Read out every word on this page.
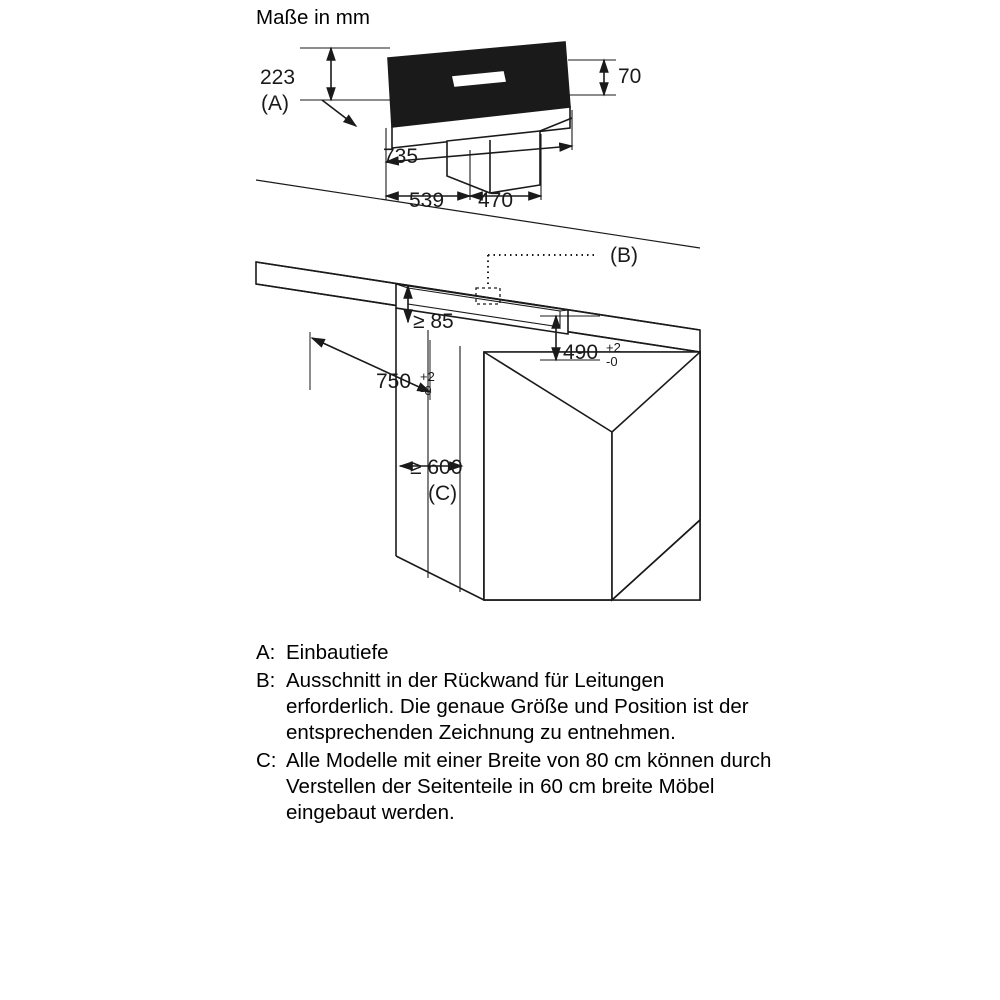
Maße in mm
223
(A)
70
735
539 470
(B)
≥ 85
490 +2
-0
750 +2
-0
≥ 600
(C)
A: Einbautiefe
B: Ausschnitt in der Rückwand für Leitungen erforderlich. Die genaue Größe und Position ist der entsprechenden Zeichnung zu entnehmen.
C: Alle Modelle mit einer Breite von 80 cm können durch Verstellen der Seitenteile in 60 cm breite Möbel eingebaut werden.
